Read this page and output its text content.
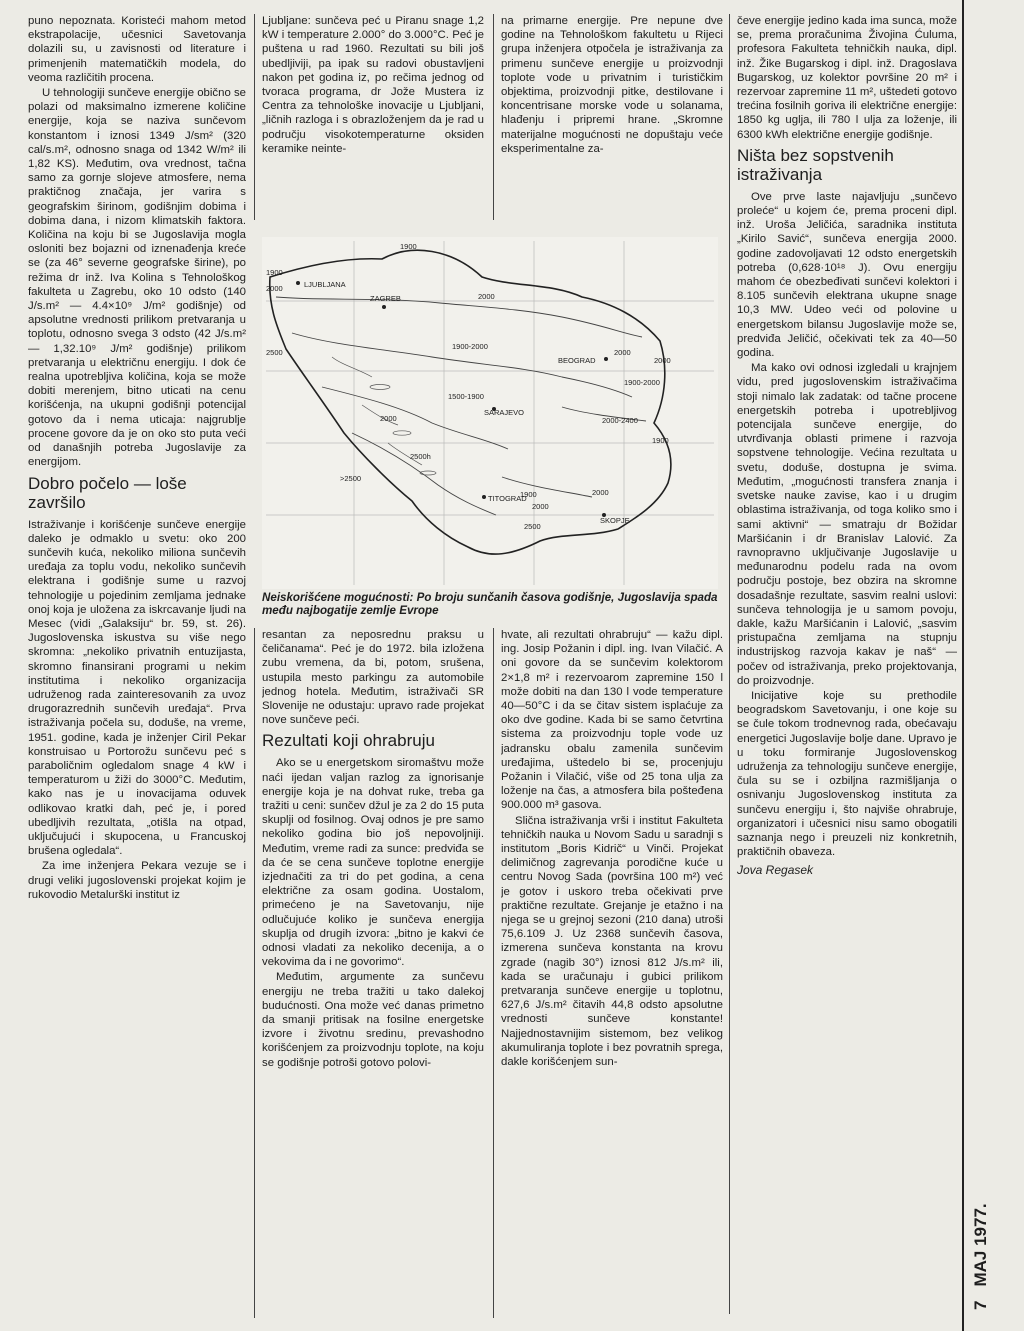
puno nepoznata. Koristeći mahom metod ekstrapolacije, učesnici Savetovanja dolazili su, u zavisnosti od literature i primenjenih matematičkih modela, do veoma različitih procena.

U tehnologiji sunčeve energije obično se polazi od maksimalno izmerene količine energije, koja se naziva sunčevom konstantom i iznosi 1349 J/sm² (320 cal/s.m², odnosno snaga od 1342 W/m² ili 1,82 KS). Međutim, ova vrednost, tačna samo za gornje slojeve atmosfere, nema praktičnog značaja, jer varira s geografskim širinom, godišnjim dobima i dobima dana, i nizom klimatskih faktora. Količina na koju bi se Jugoslavija mogla osloniti bez bojazni od iznenađenja kreće se (za 46° severne geografske širine), po režima dr inž. Iva Kolina s Tehnološkog fakulteta u Zagrebu, oko 10 odsto (140 J/s.m² — 4.4×10⁹ J/m² godišnje) od apsolutne vrednosti prilikom pretvaranja u toplotu, odnosno svega 3 odsto (42 J/s.m² — 1,32.10⁹ J/m² godišnje) prilikom pretvaranja u električnu energiju. I dok će realna upotrebljiva količina, koja se može dobiti merenjem, bitno uticati na cenu korišćenja, na ukupni godišnji potencijal gotovo da i nema uticaja: najgrublje procene govore da je on oko sto puta veći od današnjih potreba Jugoslavije za energijom.

Dobro počelo — loše završilo

Istraživanje i korišćenje sunčeve energije daleko je odmaklo u svetu: oko 200 sunčevih kuća, nekoliko miliona sunčevih uređaja za toplu vodu, nekoliko sunčevih elektrana i godišnje sume u razvoj tehnologije u pojedinim zemljama jednake onoj koja je uložena za iskrcavanje ljudi na Mesec (vidi „Galaksiju“ br. 59, st. 26). Jugoslovenska iskustva su više nego skromna: „nekoliko privatnih entuzijasta, skromno finansirani programi u nekim institutima i nekoliko organizacija udruženog rada zainteresovanih za uvoz drugorazrednih sunčevih uređaja“. Prva istraživanja počela su, doduše, na vreme, 1951. godine, kada je inženjer Ciril Pekar konstruisao u Portorožu sunčevu peć s paraboličnim ogledalom snage 4 kW i temperaturom u žiži do 3000°C. Međutim, kako nas je u inovacijama oduvek odlikovao kratki dah, peć je, i pored ubedljivih rezultata, „otišla na otpad, uključujući i skupocena, u Francuskoj brušena ogledala“.

Za ime inženjera Pekara vezuje se i drugi veliki jugoslovenski projekat kojim je rukovodio Metalurški institut iz

Ljubljane: sunčeva peć u Piranu snage 1,2 kW i temperature 2.000° do 3.000°C. Peć je puštena u rad 1960. Rezultati su bili još ubedljiviji, pa ipak su radovi obustavljeni nakon pet godina iz, po rečima jednog od tvoraca programa, dr Jože Mustera iz Centra za tehnološke inovacije u Ljubljani, „ličnih razloga i s obrazloženjem da je rad u području visokotemperaturne oksiden keramike neinte-

na primarne energije. Pre nepune dve godine na Tehnološkom fakultetu u Rijeci grupa inženjera otpočela je istraživanja za primenu sunčeve energije u proizvodnji toplote vode u privatnim i turističkim objektima, proizvodnji pitke, destilovane i koncentrisane morske vode u solanama, hlađenju i pripremi hrane. „Skromne materijalne mogućnosti ne dopuštaju veće eksperimentalne za-

LJUBLJANA
ZAGREB
BEOGRAD
SARAJEVO
TITOGRAD
SKOPJE
1900
1900
2000
2000
2500
1900-2000
1500-1900
2000-2400
2000
2000
1900-2000
2000
2500h
>2500
1900
2000
2500
2000
1900
Neiskorišćene mogućnosti: Po broju sunčanih časova godišnje, Jugoslavija spada među najbogatije zemlje Evrope

resantan za neposrednu praksu u čeličanama“. Peć je do 1972. bila izložena zubu vremena, da bi, potom, srušena, ustupila mesto parkingu za automobile jednog hotela. Međutim, istraživači SR Slovenije ne odustaju: upravo rade projekat nove sunčeve peći.

Rezultati koji ohrabruju

Ako se u energetskom siromaštvu može naći ijedan valjan razlog za ignorisanje energije koja je na dohvat ruke, treba ga tražiti u ceni: sunčev džul je za 2 do 15 puta skuplji od fosilnog. Ovaj odnos je pre samo nekoliko godina bio još nepovoljniji. Međutim, vreme radi za sunce: predviđa se da će se cena sunčeve toplotne energije izjednačiti za tri do pet godina, a cena električne za osam godina. Uostalom, primećeno je na Savetovanju, nije odlučujuće koliko je sunčeva energija skuplja od drugih izvora: „bitno je kakvi će odnosi vladati za nekoliko decenija, a o vekovima da i ne govorimo“.

Međutim, argumente za sunčevu energiju ne treba tražiti u tako dalekoj budućnosti. Ona može već danas primetno da smanji pritisak na fosilne energetske izvore i životnu sredinu, prevashodno korišćenjem za proizvodnju toplote, na koju se godišnje potroši gotovo polovi-

hvate, ali rezultati ohrabruju“ — kažu dipl. ing. Josip Požanin i dipl. ing. Ivan Vilačić. A oni govore da se sunčevim kolektorom 2×1,8 m² i rezervoarom zapremine 150 l može dobiti na dan 130 l vode temperature 40—50°C i da se čitav sistem isplaćuje za oko dve godine. Kada bi se samo četvrtina sistema za proizvodnju tople vode uz jadransku obalu zamenila sunčevim uređajima, uštedelo bi se, procenjuju Požanin i Vilačić, više od 25 tona ulja za loženje na čas, a atmosfera bila pošteđena 900.000 m³ gasova.

Slična istraživanja vrši i institut Fakulteta tehničkih nauka u Novom Sadu u saradnji s institutom „Boris Kidrič“ u Vinči. Projekat delimičnog zagrevanja porodične kuće u centru Novog Sada (površina 100 m²) već je gotov i uskoro treba očekivati prve praktične rezultate. Grejanje je etažno i na njega se u grejnoj sezoni (210 dana) utroši 75,6.109 J. Uz 2368 sunčevih časova, izmerena sunčeva konstanta na krovu zgrade (nagib 30°) iznosi 812 J/s.m² ili, kada se uračunaju i gubici prilikom pretvaranja sunčeve energije u toplotnu, 627,6 J/s.m² čitavih 44,8 odsto apsolutne vrednosti sunčeve konstante! Najjednostavnijim sistemom, bez velikog akumuliranja toplote i bez povratnih sprega, dakle korišćenjem sun-

čeve energije jedino kada ima sunca, može se, prema proračunima Živojina Ćuluma, profesora Fakulteta tehničkih nauka, dipl. inž. Žike Bugarskog i dipl. inž. Dragoslava Bugarskog, uz kolektor površine 20 m² i rezervoar zapremine 11 m², uštedeti gotovo trećina fosilnih goriva ili električne energije: 1850 kg uglja, ili 780 l ulja za loženje, ili 6300 kWh električne energije godišnje.

Ništa bez sopstvenih istraživanja

Ove prve laste najavljuju „sunčevo proleće“ u kojem će, prema proceni dipl. inž. Uroša Jeličića, saradnika instituta „Kirilo Savić“, sunčeva energija 2000. godine zadovoljavati 12 odsto energetskih potreba (0,628·10¹⁸ J). Ovu energiju mahom će obezbeđivati sunčevi kolektori i 8.105 sunčevih elektrana ukupne snage 10,3 MW. Udeo veći od polovine u energetskom bilansu Jugoslavije može se, predviđa Jeličić, očekivati tek za 40—50 godina.

Ma kako ovi odnosi izgledali u krajnjem vidu, pred jugoslovenskim istraživačima stoji nimalo lak zadatak: od tačne procene energetskih potreba i upotrebljivog potencijala sunčeve energije, do utvrđivanja oblasti primene i razvoja sopstvene tehnologije. Većina rezultata u svetu, doduše, dostupna je svima. Međutim, „mogućnosti transfera znanja i svetske nauke zavise, kao i u drugim oblastima istraživanja, od toga koliko smo i sami aktivni“ — smatraju dr Božidar Maršićanin i dr Branislav Lalović. Za ravnopravno uključivanje Jugoslavije u međunarodnu podelu rada na ovom području postoje, bez obzira na skromne dosadašnje rezultate, sasvim realni uslovi: sunčeva tehnologija je u samom povoju, dakle, kažu Maršićanin i Lalović, „sasvim pristupačna zemljama na stupnju industrijskog razvoja kakav je naš“ — počev od istraživanja, preko projektovanja, do proizvodnje.

Inicijative koje su prethodile beogradskom Savetovanju, i one koje su se čule tokom trodnevnog rada, obećavaju energetici Jugoslavije bolje dane. Upravo je u toku formiranje Jugoslovenskog udruženja za tehnologiju sunčeve energije, čula su se i ozbiljna razmišljanja o osnivanju Jugoslovenskog instituta za sunčevu energiju i, što najviše ohrabruje, organizatori i učesnici nisu samo obogatili saznanja nego i preuzeli niz konkretnih, praktičnih obaveza.

Jova Regasek

7MAJ 1977.
